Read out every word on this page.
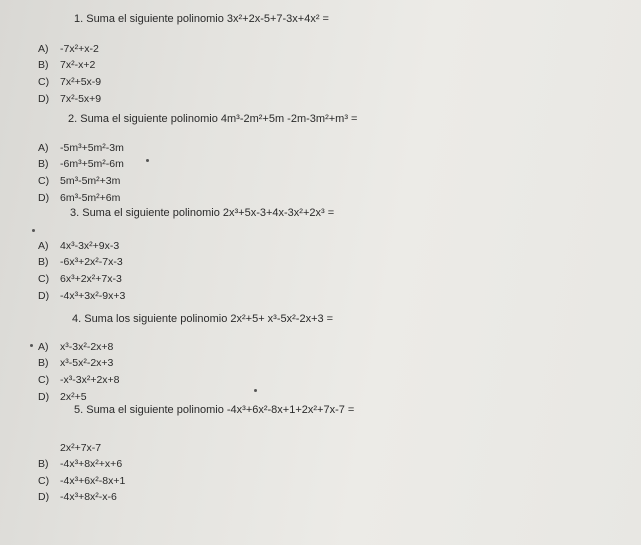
1. Suma el siguiente polinomio 3x²+2x-5+7-3x+4x² =
A) -7x²+x-2
B) 7x²-x+2
C) 7x²+5x-9
D) 7x²-5x+9
2. Suma el siguiente polinomio 4m³-2m²+5m -2m-3m²+m³ =
A) -5m³+5m²-3m
B) -6m³+5m²-6m
C) 5m³-5m²+3m
D) 6m³-5m²+6m
3. Suma el siguiente polinomio 2x³+5x-3+4x-3x²+2x³ =
A) 4x³-3x²+9x-3
B) -6x³+2x²-7x-3
C) 6x³+2x²+7x-3
D) -4x³+3x²-9x+3
4. Suma los siguiente polinomio 2x²+5+ x³-5x²-2x+3 =
A) x³-3x²-2x+8
B) x³-5x²-2x+3
C) -x³-3x²+2x+8
D) 2x²+5
5. Suma el siguiente polinomio -4x³+6x²-8x+1+2x²+7x-7 =
2x²+7x-7
B) -4x³+8x²+x+6
C) -4x³+6x²-8x+1
D) -4x³+8x²-x-6
